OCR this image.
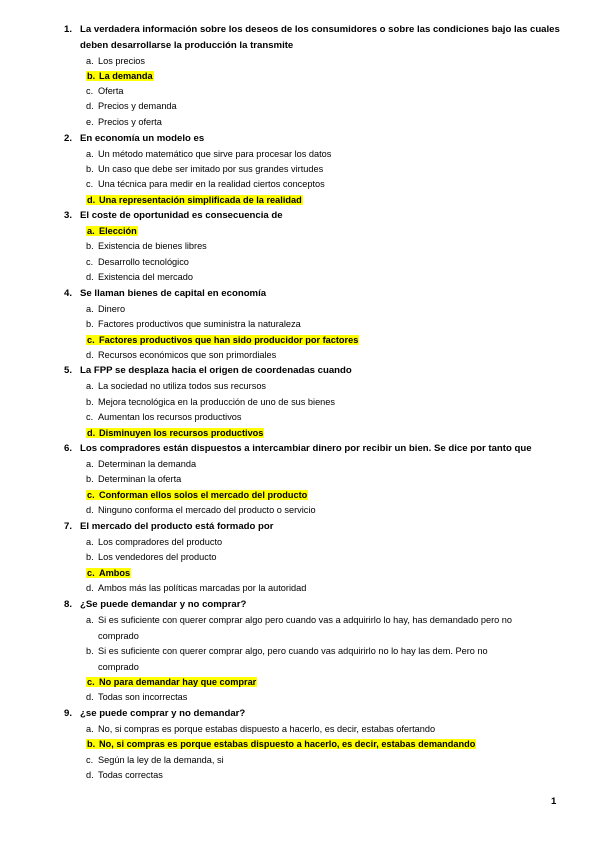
1. La verdadera información sobre los deseos de los consumidores o sobre las condiciones bajo las cuales
deben desarrollarse la producción la transmite
a. Los precios
b. La demanda
c. Oferta
d. Precios y demanda
e. Precios y oferta
2. En economía un modelo es
a. Un método matemático que sirve para procesar los datos
b. Un caso que debe ser imitado por sus grandes virtudes
c. Una técnica para medir en la realidad ciertos conceptos
d. Una representación simplificada de la realidad
3. El coste de oportunidad es consecuencia de
a. Elección
b. Existencia de bienes libres
c. Desarrollo tecnológico
d. Existencia del mercado
4. Se llaman bienes de capital en economía
a. Dinero
b. Factores productivos que suministra la naturaleza
c. Factores productivos que han sido producidor por factores
d. Recursos económicos que son primordiales
5. La FPP se desplaza hacia el origen de coordenadas cuando
a. La sociedad no utiliza todos sus recursos
b. Mejora tecnológica en la producción de uno de sus bienes
c. Aumentan los recursos productivos
d. Disminuyen los recursos productivos
6. Los compradores están dispuestos a intercambiar dinero por recibir un bien. Se dice por tanto que
a. Determinan la demanda
b. Determinan la oferta
c. Conforman ellos solos el mercado del producto
d. Ninguno conforma el mercado del producto o servicio
7. El mercado del producto está formado por
a. Los compradores del producto
b. Los vendedores del producto
c. Ambos
d. Ambos más las políticas marcadas por la autoridad
8. ¿Se puede demandar y no comprar?
a. Si es suficiente con querer comprar algo pero cuando vas a adquirirlo lo hay, has demandado pero no
comprado
b. Si es suficiente con querer comprar algo, pero cuando vas adquirirlo no lo hay las dem. Pero no
comprado
c. No para demandar hay que comprar
d. Todas son incorrectas
9. ¿se puede comprar y no demandar?
a. No, si compras es porque estabas dispuesto a hacerlo, es decir, estabas ofertando
b. No, si compras es porque estabas dispuesto a hacerlo, es decir, estabas demandando
c. Según la ley de la demanda, si
d. Todas correctas
1
